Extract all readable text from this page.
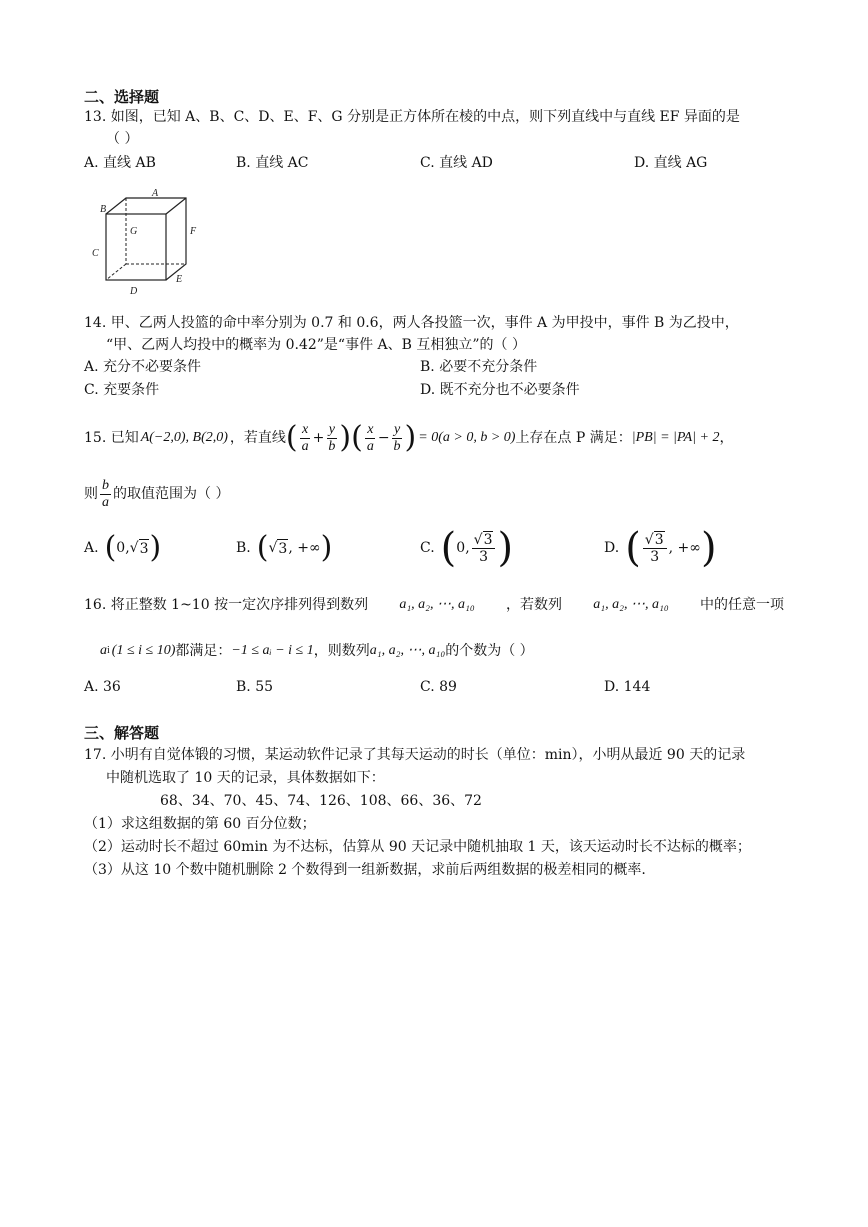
二、选择题
13. 如图，已知 A、B、C、D、E、F、G 分别是正方体所在棱的中点，则下列直线中与直线 EF 异面的是
（ ）
A. 直线 AB	B. 直线 AC	C. 直线 AD	D. 直线 AG
A
B
C
D
E
F
G
14. 甲、乙两人投篮的命中率分别为 0.7 和 0.6，两人各投篮一次，事件 A 为甲投中，事件 B 为乙投中，
“甲、乙两人均投中的概率为 0.42”是“事件 A、B 互相独立”的（ ）
A. 充分不必要条件	B. 必要不充分条件
C. 充要条件	D. 既不充分也不必要条件
15. 已知 A(−2,0), B(2,0) ，若直线 ( $\frac{x}{a} + \frac{y}{b}$ ) ( $\frac{x}{a} - \frac{y}{b}$ ) = 0(a > 0, b > 0) 上存在点 P 满足： |PB| = |PA| + 2 ，
则 $\frac{b}{a}$ 的取值范围为（ ）
A. ( 0, √ 3 )	B. ( √ 3 , +∞ )	C. ( 0, $\frac{√3}{3}$ )	D. ( $\frac{√3}{3}$ , +∞ )
16. 将正整数 1~10 按一定次序排列得到数列 a₁, a₂, ⋯, a₁₀ ，若数列 a₁, a₂, ⋯, a₁₀ 中的任意一项
a i (1 ≤ i ≤ 10) 都满足： −1 ≤ aᵢ − i ≤ 1 ，则数列 a₁, a₂, ⋯, a₁₀ 的个数为（ ）
A. 36	B. 55	C. 89	D. 144
三、解答题
17. 小明有自觉体锻的习惯，某运动软件记录了其每天运动的时长（单位：min），小明从最近 90 天的记录
中随机选取了 10 天的记录，具体数据如下：
68、34、70、45、74、126、108、66、36、72
（1）求这组数据的第 60 百分位数；
（2）运动时长不超过 60min 为不达标，估算从 90 天记录中随机抽取 1 天，该天运动时长不达标的概率；
（3）从这 10 个数中随机删除 2 个数得到一组新数据，求前后两组数据的极差相同的概率.
